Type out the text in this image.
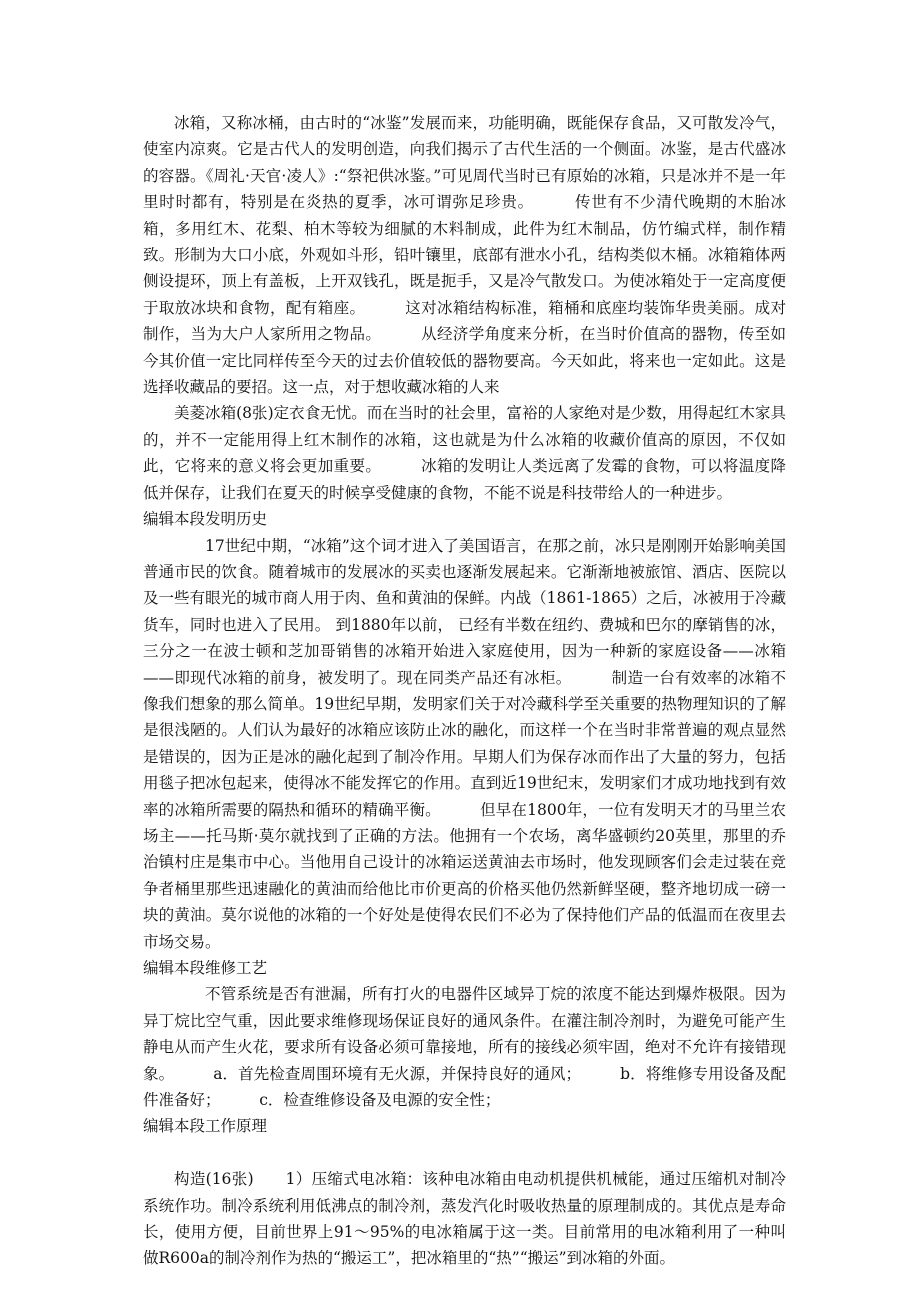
冰箱，又称冰桶，由古时的“冰鉴”发展而来，功能明确，既能保存食品，又可散发冷气，使室内凉爽。它是古代人的发明创造，向我们揭示了古代生活的一个侧面。冰鉴，是古代盛冰的容器。《周礼·天官·凌人》:“祭祀供冰鉴。”可见周代当时已有原始的冰箱，只是冰并不是一年里时时都有，特别是在炎热的夏季，冰可谓弥足珍贵。　　　传世有不少清代晚期的木胎冰箱，多用红木、花梨、柏木等较为细腻的木料制成，此件为红木制品，仿竹编式样，制作精致。形制为大口小底，外观如斗形，铅叶镶里，底部有泄水小孔，结构类似木桶。冰箱箱体两侧设提环，顶上有盖板，上开双钱孔，既是扼手，又是冷气散发口。为使冰箱处于一定高度便于取放冰块和食物，配有箱座。　　　这对冰箱结构标准，箱桶和底座均装饰华贵美丽。成对制作，当为大户人家所用之物品。　　　从经济学角度来分析，在当时价值高的器物，传至如今其价值一定比同样传至今天的过去价值较低的器物要高。今天如此，将来也一定如此。这是选择收藏品的要招。这一点，对于想收藏冰箱的人来

美菱冰箱(8张)定衣食无忧。而在当时的社会里，富裕的人家绝对是少数，用得起红木家具的，并不一定能用得上红木制作的冰箱，这也就是为什么冰箱的收藏价值高的原因，不仅如此，它将来的意义将会更加重要。　　　冰箱的发明让人类远离了发霉的食物，可以将温度降低并保存，让我们在夏天的时候享受健康的食物，不能不说是科技带给人的一种进步。

编辑本段发明历史

17世纪中期，“冰箱”这个词才进入了美国语言，在那之前，冰只是刚刚开始影响美国普通市民的饮食。随着城市的发展冰的买卖也逐渐发展起来。它渐渐地被旅馆、酒店、医院以及一些有眼光的城市商人用于肉、鱼和黄油的保鲜。内战（1861-1865）之后，冰被用于冷藏货车，同时也进入了民用。 到1880年以前， 已经有半数在纽约、费城和巴尔的摩销售的冰， 三分之一在波士顿和芝加哥销售的冰箱开始进入家庭使用，因为一种新的家庭设备——冰箱——即现代冰箱的前身，被发明了。现在同类产品还有冰柜。　　　制造一台有效率的冰箱不像我们想象的那么简单。19世纪早期，发明家们关于对冷藏科学至关重要的热物理知识的了解是很浅陋的。人们认为最好的冰箱应该防止冰的融化，而这样一个在当时非常普遍的观点显然是错误的，因为正是冰的融化起到了制冷作用。早期人们为保存冰而作出了大量的努力，包括用毯子把冰包起来，使得冰不能发挥它的作用。直到近19世纪末，发明家们才成功地找到有效率的冰箱所需要的隔热和循环的精确平衡。　　　但早在1800年，一位有发明天才的马里兰农场主——托马斯·莫尔就找到了正确的方法。他拥有一个农场，离华盛顿约20英里，那里的乔治镇村庄是集市中心。当他用自己设计的冰箱运送黄油去市场时，他发现顾客们会走过装在竞争者桶里那些迅速融化的黄油而给他比市价更高的价格买他仍然新鲜坚硬，整齐地切成一磅一块的黄油。莫尔说他的冰箱的一个好处是使得农民们不必为了保持他们产品的低温而在夜里去市场交易。

编辑本段维修工艺

不管系统是否有泄漏，所有打火的电器件区域异丁烷的浓度不能达到爆炸极限。因为异丁烷比空气重，因此要求维修现场保证良好的通风条件。在灌注制冷剂时，为避免可能产生静电从而产生火花，要求所有设备必须可靠接地，所有的接线必须牢固，绝对不允许有接错现象。　　　a．首先检查周围环境有无火源，并保持良好的通风；　　　b．将维修专用设备及配件准备好；　　　c．检查维修设备及电源的安全性；

编辑本段工作原理

构造(16张)　　1）压缩式电冰箱：该种电冰箱由电动机提供机械能，通过压缩机对制冷系统作功。制冷系统利用低沸点的制冷剂，蒸发汽化时吸收热量的原理制成的。其优点是寿命长，使用方便，目前世界上91～95%的电冰箱属于这一类。目前常用的电冰箱利用了一种叫做R600a的制冷剂作为热的“搬运工”，把冰箱里的“热”“搬运”到冰箱的外面。
